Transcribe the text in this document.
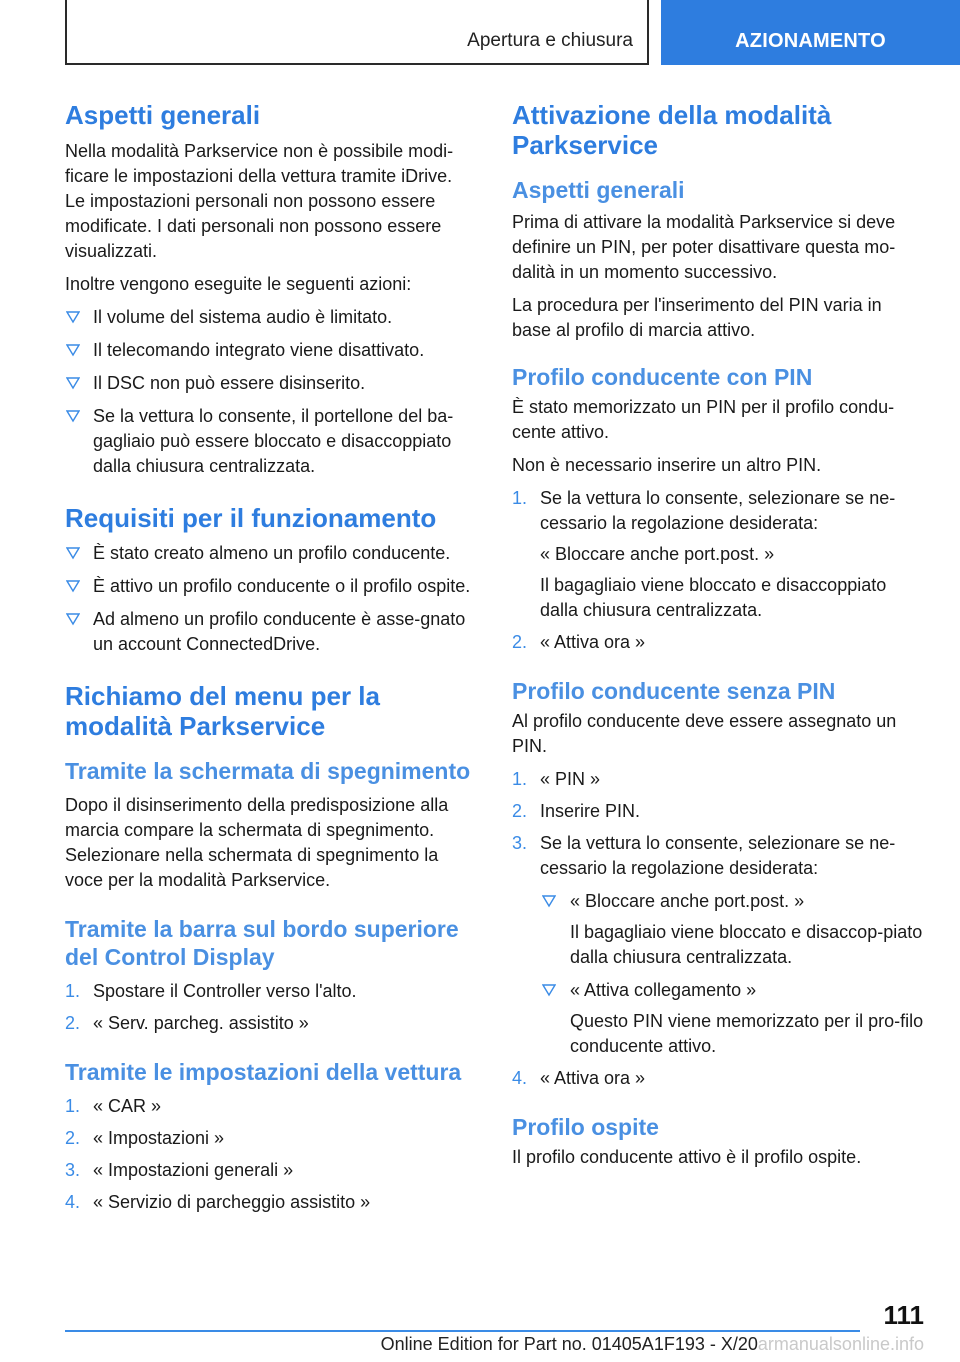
Apertura e chiusura	AZIONAMENTO
Aspetti generali

Nella modalità Parkservice non è possibile modi-ficare le impostazioni della vettura tramite iDrive. Le impostazioni personali non possono essere modificate. I dati personali non possono essere visualizzati.

Inoltre vengono eseguite le seguenti azioni:

Il volume del sistema audio è limitato.
Il telecomando integrato viene disattivato.
Il DSC non può essere disinserito.
Se la vettura lo consente, il portellone del ba-gagliaio può essere bloccato e disaccoppiato dalla chiusura centralizzata.
Requisiti per il funzionamento
È stato creato almeno un profilo conducente.
È attivo un profilo conducente o il profilo ospite.
Ad almeno un profilo conducente è asse-gnato un account ConnectedDrive.
Richiamo del menu per la modalità Parkservice
Tramite la schermata di spegnimento

Dopo il disinserimento della predisposizione alla marcia compare la schermata di spegnimento. Selezionare nella schermata di spegnimento la voce per la modalità Parkservice.

Tramite la barra sul bordo superiore del Control Display
1. Spostare il Controller verso l'alto.
2. « Serv. parcheg. assistito »
Tramite le impostazioni della vettura
1. « CAR »
2. « Impostazioni »
3. « Impostazioni generali »
4. « Servizio di parcheggio assistito »
Attivazione della modalità Parkservice
Aspetti generali

Prima di attivare la modalità Parkservice si deve definire un PIN, per poter disattivare questa mo-dalità in un momento successivo.

La procedura per l'inserimento del PIN varia in base al profilo di marcia attivo.

Profilo conducente con PIN

È stato memorizzato un PIN per il profilo condu-cente attivo.

Non è necessario inserire un altro PIN.

1. Se la vettura lo consente, selezionare se ne-cessario la regolazione desiderata:
« Bloccare anche port.post. »
Il bagagliaio viene bloccato e disaccoppiato dalla chiusura centralizzata.
2. « Attiva ora »
Profilo conducente senza PIN

Al profilo conducente deve essere assegnato un PIN.

1. « PIN »
2. Inserire PIN.
3. Se la vettura lo consente, selezionare se ne-cessario la regolazione desiderata:
« Bloccare anche port.post. »
Il bagagliaio viene bloccato e disaccop-piato dalla chiusura centralizzata.
« Attiva collegamento »
Questo PIN viene memorizzato per il pro-filo conducente attivo.
4. « Attiva ora »
Profilo ospite

Il profilo conducente attivo è il profilo ospite.

111
Online Edition for Part no. 01405A1F193 - X/20armanualsonline.info
